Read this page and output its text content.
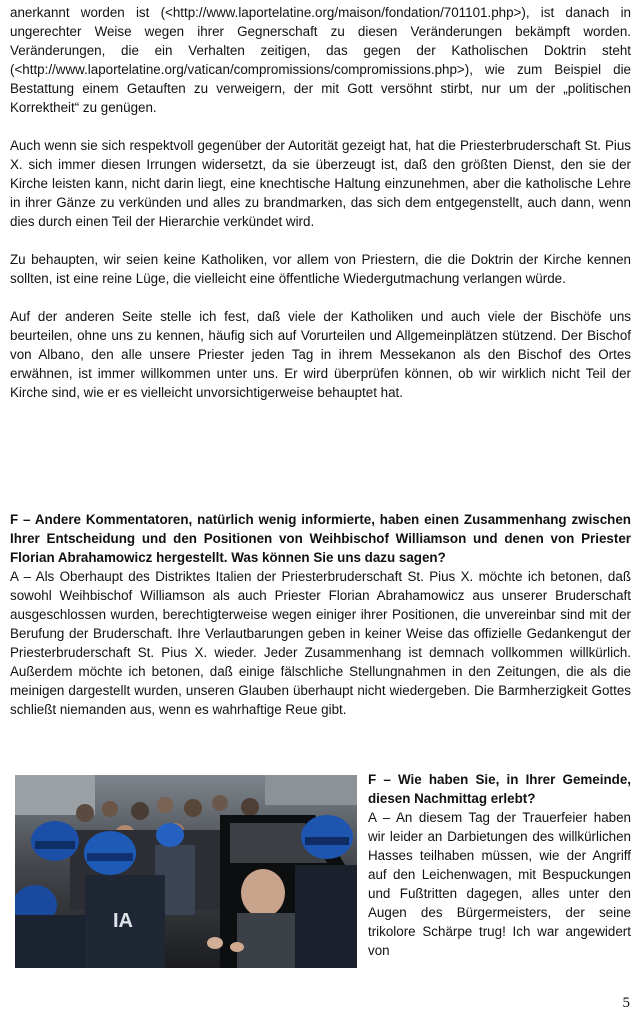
anerkannt worden ist (<http://www.laportelatine.org/maison/fondation/701101.php>), ist danach in ungerechter Weise wegen ihrer Gegnerschaft zu diesen Veränderungen bekämpft worden. Veränderungen, die ein Verhalten zeitigen, das gegen der Katholischen Doktrin steht (<http://www.laportelatine.org/vatican/compromissions/compromissions.php>), wie zum Beispiel die Bestattung einem Getauften zu verweigern, der mit Gott versöhnt stirbt, nur um der „politischen Korrektheit“ zu genügen.

Auch wenn sie sich respektvoll gegenüber der Autorität gezeigt hat, hat die Priesterbruderschaft St. Pius X. sich immer diesen Irrungen widersetzt, da sie überzeugt ist, daß den größten Dienst, den sie der Kirche leisten kann, nicht darin liegt, eine knechtische Haltung einzunehmen, aber die katholische Lehre in ihrer Gänze zu verkünden und alles zu brandmarken, das sich dem entgegenstellt, auch dann, wenn dies durch einen Teil der Hierarchie verkündet wird.

Zu behaupten, wir seien keine Katholiken, vor allem von Priestern, die die Doktrin der Kirche kennen sollten, ist eine reine Lüge, die vielleicht eine öffentliche Wiedergutmachung verlangen würde.

Auf der anderen Seite stelle ich fest, daß viele der Katholiken und auch viele der Bischöfe uns beurteilen, ohne uns zu kennen, häufig sich auf Vorurteilen und Allgemeinplätzen stützend. Der Bischof von Albano, den alle unsere Priester jeden Tag in ihrem Messekanon als den Bischof des Ortes erwähnen, ist immer willkommen unter uns. Er wird überprüfen können, ob wir wirklich nicht Teil der Kirche sind, wie er es vielleicht unvorsichtigerweise behauptet hat.

F – Andere Kommentatoren, natürlich wenig informierte, haben einen Zusammenhang zwischen Ihrer Entscheidung und den Positionen von Weihbischof Williamson und denen von Priester Florian Abrahamowicz hergestellt. Was können Sie uns dazu sagen?

A – Als Oberhaupt des Distriktes Italien der Priesterbruderschaft St. Pius X. möchte ich betonen, daß sowohl Weihbischof Williamson als auch Priester Florian Abrahamowicz aus unserer Bruderschaft ausgeschlossen wurden, berechtigterweise wegen einiger ihrer Positionen, die unvereinbar sind mit der Berufung der Bruderschaft. Ihre Verlautbarungen geben in keiner Weise das offizielle Gedankengut der Priesterbruderschaft St. Pius X. wieder. Jeder Zusammenhang ist demnach vollkommen willkürlich. Außerdem möchte ich betonen, daß einige fälschliche Stellungnahmen in den Zeitungen, die als die meinigen dargestellt wurden, unseren Glauben überhaupt nicht wiedergeben. Die Barmherzigkeit Gottes schließt niemanden aus, wenn es wahrhaftige Reue gibt.

IA

F – Wie haben Sie, in Ihrer Gemeinde, diesen Nachmittag erlebt?

A – An diesem Tag der Trauerfeier haben wir leider an Darbietungen des willkürlichen Hasses teilhaben müssen, wie der Angriff auf den Leichenwagen, mit Bespuckungen und Fußtritten dagegen, alles unter den Augen des Bürgermeisters, der seine trikolore Schärpe trug! Ich war angewidert von

5
